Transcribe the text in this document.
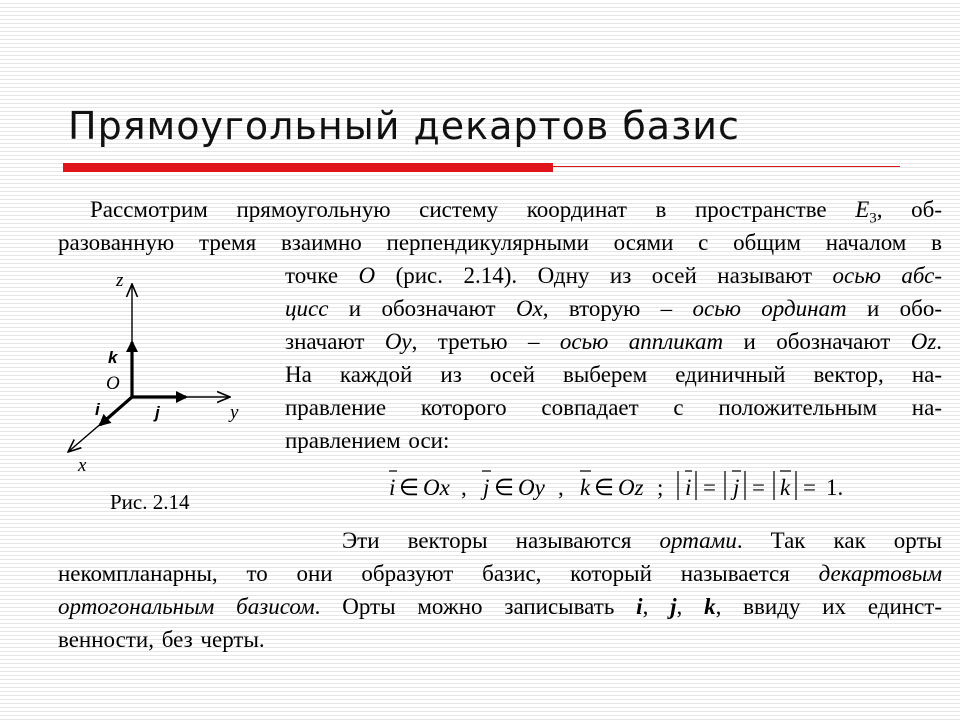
Прямоугольный декартов базис
Рассмотрим прямоугольную систему координат в пространстве $E_3$, об-
разованную тремя взаимно перпендикулярными осями с общим началом в
точке O (рис. 2.14). Одну из осей называют осью абс-
цисс и обозначают Ox, вторую – осью ординат и обо-
значают Oy, третью – осью аппликат и обозначают Oz.
На каждой из осей выберем единичный вектор, на-
правление которого совпадает с положительным на-
правлением оси:
z
y
x
O
k
i	j
Рис. 2.14
i ∈ Ox , j ∈ Oy , k ∈ Oz ; i = j = k = 1.
Эти векторы называются ортами. Так как орты
некомпланарны, то они образуют базис, который называется декартовым
ортогональным базисом. Орты можно записывать i, j, k, ввиду их единст-
венности, без черты.
